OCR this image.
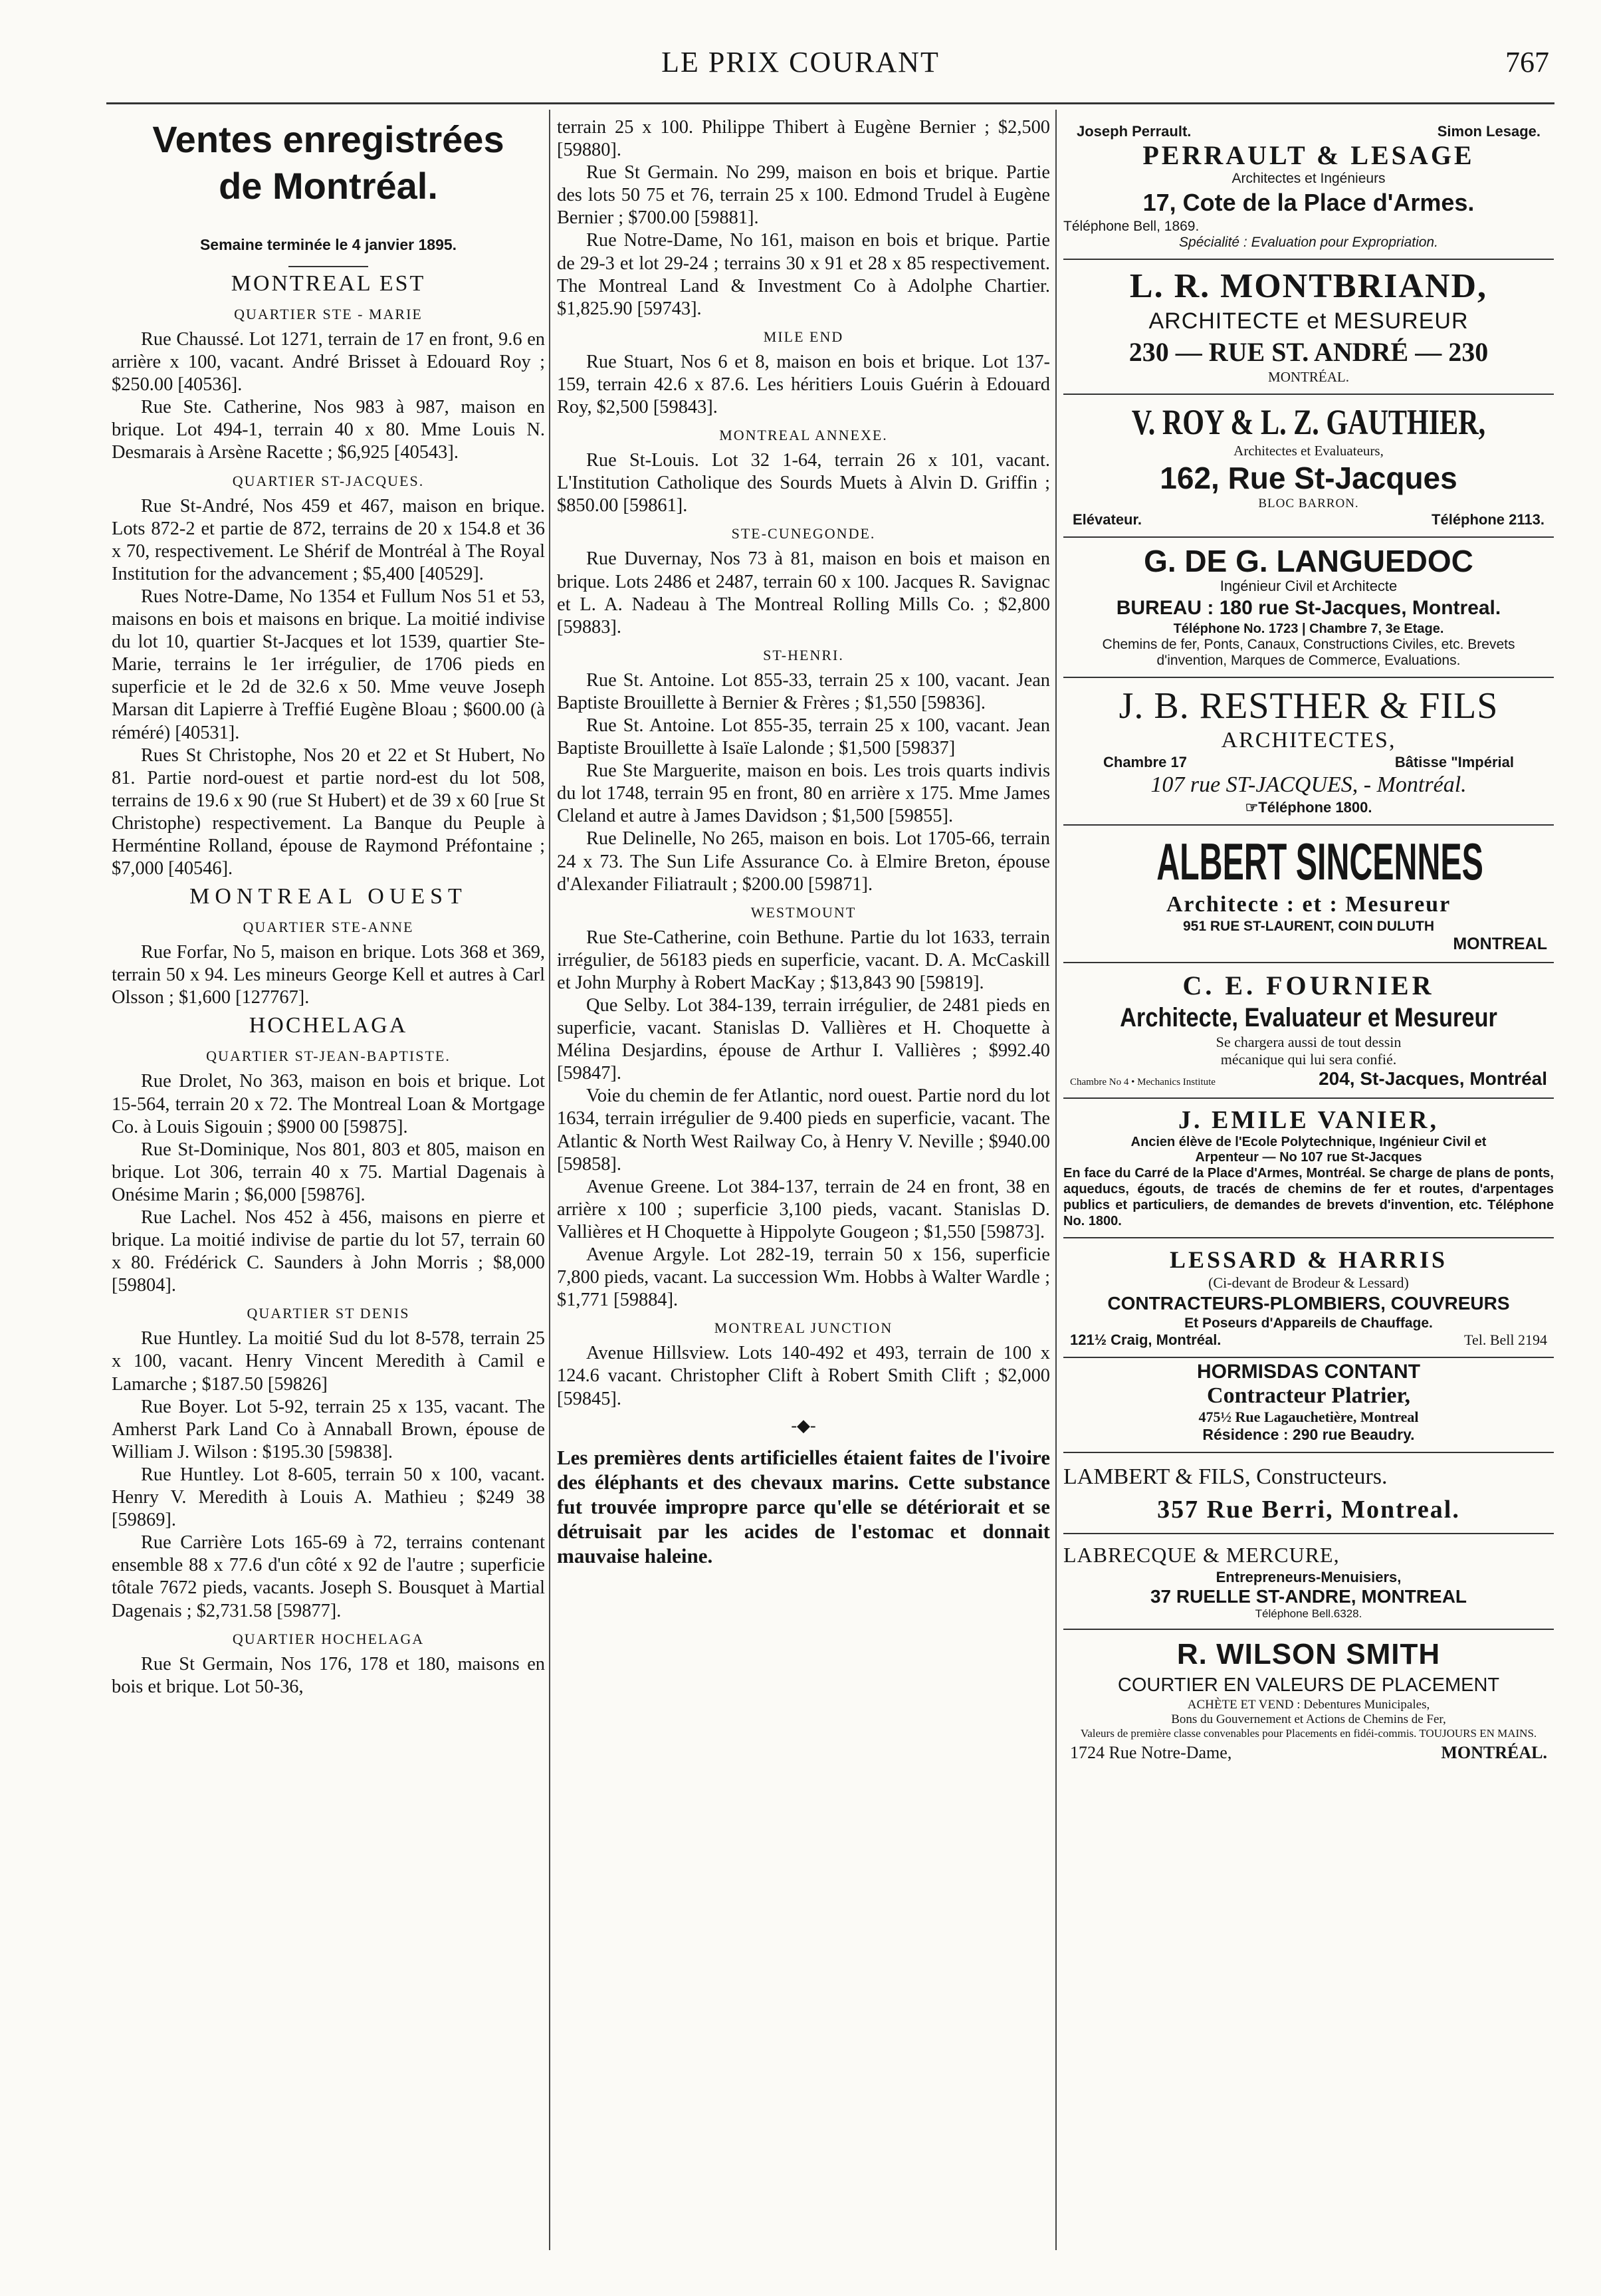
LE PRIX COURANT	767
Ventes enregistrées
de Montréal.
Semaine terminée le 4 janvier 1895.
MONTREAL EST
QUARTIER STE - MARIE

Rue Chaussé. Lot 1271, terrain de 17 en front, 9.6 en arrière x 100, vacant. André Brisset à Edouard Roy ; $250.00 [40536].

Rue Ste. Catherine, Nos 983 à 987, maison en brique. Lot 494-1, terrain 40 x 80. Mme Louis N. Desmarais à Arsène Racette ; $6,925 [40543].

QUARTIER ST-JACQUES.

Rue St-André, Nos 459 et 467, maison en brique. Lots 872-2 et partie de 872, terrains de 20 x 154.8 et 36 x 70, respectivement. Le Shérif de Montréal à The Royal Institution for the advancement ; $5,400 [40529].

Rues Notre-Dame, No 1354 et Fullum Nos 51 et 53, maisons en bois et maisons en brique. La moitié indivise du lot 10, quartier St-Jacques et lot 1539, quartier Ste-Marie, terrains le 1er irrégulier, de 1706 pieds en superficie et le 2d de 32.6 x 50. Mme veuve Joseph Marsan dit Lapierre à Treffié Eugène Bloau ; $600.00 (à réméré) [40531].

Rues St Christophe, Nos 20 et 22 et St Hubert, No 81. Partie nord-ouest et partie nord-est du lot 508, terrains de 19.6 x 90 (rue St Hubert) et de 39 x 60 [rue St Christophe) respectivement. La Banque du Peuple à Herméntine Rolland, épouse de Raymond Préfontaine ; $7,000 [40546].

MONTREAL OUEST
QUARTIER STE-ANNE

Rue Forfar, No 5, maison en brique. Lots 368 et 369, terrain 50 x 94. Les mineurs George Kell et autres à Carl Olsson ; $1,600 [127767].

HOCHELAGA
QUARTIER ST-JEAN-BAPTISTE.

Rue Drolet, No 363, maison en bois et brique. Lot 15-564, terrain 20 x 72. The Montreal Loan & Mortgage Co. à Louis Sigouin ; $900 00 [59875].

Rue St-Dominique, Nos 801, 803 et 805, maison en brique. Lot 306, terrain 40 x 75. Martial Dagenais à Onésime Marin ; $6,000 [59876].

Rue Lachel. Nos 452 à 456, maisons en pierre et brique. La moitié indivise de partie du lot 57, terrain 60 x 80. Frédérick C. Saunders à John Morris ; $8,000 [59804].

QUARTIER ST DENIS

Rue Huntley. La moitié Sud du lot 8-578, terrain 25 x 100, vacant. Henry Vincent Meredith à Camil e Lamarche ; $187.50 [59826]

Rue Boyer. Lot 5-92, terrain 25 x 135, vacant. The Amherst Park Land Co à Annaball Brown, épouse de William J. Wilson : $195.30 [59838].

Rue Huntley. Lot 8-605, terrain 50 x 100, vacant. Henry V. Meredith à Louis A. Mathieu ; $249 38 [59869].

Rue Carrière Lots 165-69 à 72, terrains contenant ensemble 88 x 77.6 d'un côté x 92 de l'autre ; superficie tôtale 7672 pieds, vacants. Joseph S. Bousquet à Martial Dagenais ; $2,731.58 [59877].

QUARTIER HOCHELAGA

Rue St Germain, Nos 176, 178 et 180, maisons en bois et brique. Lot 50-36,

terrain 25 x 100. Philippe Thibert à Eugène Bernier ; $2,500 [59880].

Rue St Germain. No 299, maison en bois et brique. Partie des lots 50 75 et 76, terrain 25 x 100. Edmond Trudel à Eugène Bernier ; $700.00 [59881].

Rue Notre-Dame, No 161, maison en bois et brique. Partie de 29-3 et lot 29-24 ; terrains 30 x 91 et 28 x 85 respectivement. The Montreal Land & Investment Co à Adolphe Chartier. $1,825.90 [59743].

MILE END

Rue Stuart, Nos 6 et 8, maison en bois et brique. Lot 137-159, terrain 42.6 x 87.6. Les héritiers Louis Guérin à Edouard Roy, $2,500 [59843].

MONTREAL ANNEXE.

Rue St-Louis. Lot 32 1-64, terrain 26 x 101, vacant. L'Institution Catholique des Sourds Muets à Alvin D. Griffin ; $850.00 [59861].

STE-CUNEGONDE.

Rue Duvernay, Nos 73 à 81, maison en bois et maison en brique. Lots 2486 et 2487, terrain 60 x 100. Jacques R. Savignac et L. A. Nadeau à The Montreal Rolling Mills Co. ; $2,800 [59883].

ST-HENRI.

Rue St. Antoine. Lot 855-33, terrain 25 x 100, vacant. Jean Baptiste Brouillette à Bernier & Frères ; $1,550 [59836].

Rue St. Antoine. Lot 855-35, terrain 25 x 100, vacant. Jean Baptiste Brouillette à Isaïe Lalonde ; $1,500 [59837]

Rue Ste Marguerite, maison en bois. Les trois quarts indivis du lot 1748, terrain 95 en front, 80 en arrière x 175. Mme James Cleland et autre à James Davidson ; $1,500 [59855].

Rue Delinelle, No 265, maison en bois. Lot 1705-66, terrain 24 x 73. The Sun Life Assurance Co. à Elmire Breton, épouse d'Alexander Filiatrault ; $200.00 [59871].

WESTMOUNT

Rue Ste-Catherine, coin Bethune. Partie du lot 1633, terrain irrégulier, de 56183 pieds en superficie, vacant. D. A. McCaskill et John Murphy à Robert MacKay ; $13,843 90 [59819].

Que Selby. Lot 384-139, terrain irrégulier, de 2481 pieds en superficie, vacant. Stanislas D. Vallières et H. Choquette à Mélina Desjardins, épouse de Arthur I. Vallières ; $992.40 [59847].

Voie du chemin de fer Atlantic, nord ouest. Partie nord du lot 1634, terrain irrégulier de 9.400 pieds en superficie, vacant. The Atlantic & North West Railway Co, à Henry V. Neville ; $940.00 [59858].

Avenue Greene. Lot 384-137, terrain de 24 en front, 38 en arrière x 100 ; superficie 3,100 pieds, vacant. Stanislas D. Vallières et H Choquette à Hippolyte Gougeon ; $1,550 [59873].

Avenue Argyle. Lot 282-19, terrain 50 x 156, superficie 7,800 pieds, vacant. La succession Wm. Hobbs à Walter Wardle ; $1,771 [59884].

MONTREAL JUNCTION

Avenue Hillsview. Lots 140-492 et 493, terrain de 100 x 124.6 vacant. Christopher Clift à Robert Smith Clift ; $2,000 [59845].

-◆-

Les premières dents artificielles étaient faites de l'ivoire des éléphants et des chevaux marins. Cette substance fut trouvée impropre parce qu'elle se détériorait et se détruisait par les acides de l'estomac et donnait mauvaise haleine.

Joseph Perrault.	Simon Lesage.
PERRAULT & LESAGE
Architectes et Ingénieurs
17, Cote de la Place d'Armes.
Téléphone Bell, 1869.
Spécialité : Evaluation pour Expropriation.
L. R. MONTBRIAND,
ARCHITECTE et MESUREUR
230 — RUE ST. ANDRÉ — 230
MONTRÉAL.
V. ROY & L. Z. GAUTHIER,
Architectes et Evaluateurs,
162, Rue St-Jacques
BLOC BARRON.
Elévateur.	Téléphone 2113.
G. DE G. LANGUEDOC
Ingénieur Civil et Architecte
BUREAU : 180 rue St-Jacques, Montreal.
Téléphone No. 1723 | Chambre 7, 3e Etage.
Chemins de fer, Ponts, Canaux, Constructions Civiles, etc. Brevets d'invention, Marques de Commerce, Evaluations.
J. B. RESTHER & FILS
ARCHITECTES,
Chambre 17	Bâtisse "Impérial
107 rue ST-JACQUES, - Montréal.
☞Téléphone 1800.
ALBERT SINCENNES
Architecte : et : Mesureur
951 RUE ST-LAURENT, COIN DULUTH
MONTREAL
C. E. FOURNIER
Architecte, Evaluateur et Mesureur
Se chargera aussi de tout dessin
mécanique qui lui sera confié.
Chambre No 4 • Mechanics Institute	204, St-Jacques, Montréal
J. EMILE VANIER,
Ancien élève de l'Ecole Polytechnique, Ingénieur Civil et
Arpenteur — No 107 rue St-Jacques
En face du Carré de la Place d'Armes, Montréal. Se charge de plans de ponts, aqueducs, égouts, de tracés de chemins de fer et routes, d'arpentages publics et particuliers, de demandes de brevets d'invention, etc. Téléphone No. 1800.
LESSARD & HARRIS
(Ci-devant de Brodeur & Lessard)
CONTRACTEURS-PLOMBIERS, COUVREURS
Et Poseurs d'Appareils de Chauffage.
121½ Craig, Montréal.	Tel. Bell 2194
HORMISDAS CONTANT
Contracteur Platrier,
475½ Rue Lagauchetière, Montreal
Résidence : 290 rue Beaudry.
LAMBERT & FILS, Constructeurs.
357 Rue Berri, Montreal.
LABRECQUE & MERCURE,
Entrepreneurs-Menuisiers,
37 RUELLE ST-ANDRE, MONTREAL
Téléphone Bell.6328.
R. WILSON SMITH
COURTIER EN VALEURS DE PLACEMENT
ACHÈTE ET VEND : Debentures Municipales,
Bons du Gouvernement et Actions de Chemins de Fer,
Valeurs de première classe convenables pour Placements en fidéi-commis. TOUJOURS EN MAINS.
1724 Rue Notre-Dame,	MONTRÉAL.
